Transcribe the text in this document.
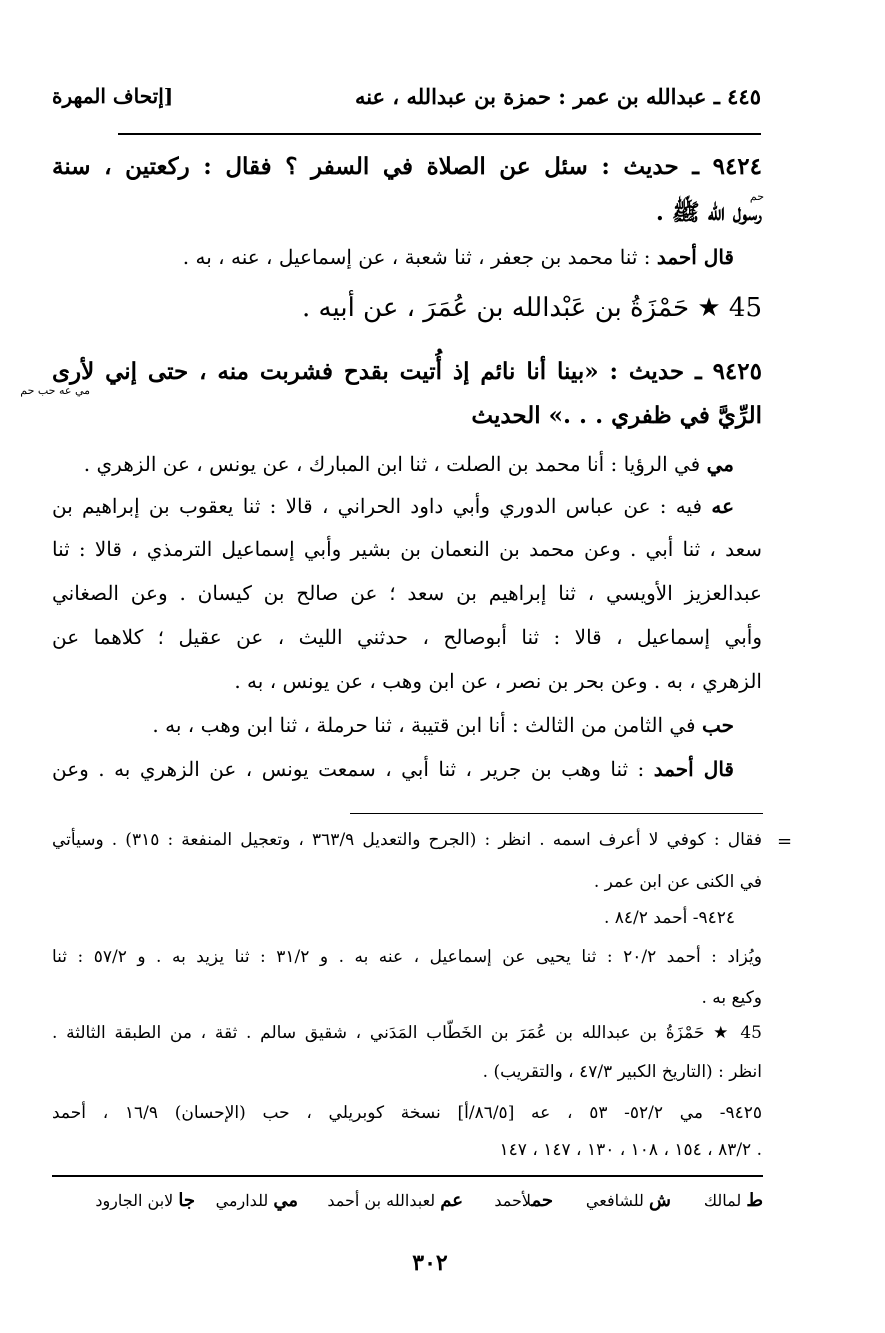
٤٤٥ ـ عبدالله بن عمر : حمزة بن عبدالله ، عنه
[إتحاف المهرة
٩٤٢٤ ـ حديث : سئل عن الصلاة في السفر ؟ فقال : ركعتين ، سنة
حم
رسول الله ﷺ .
قال أحمد : ثنا محمد بن جعفر ، ثنا شعبة ، عن إسماعيل ، عنه ، به .
45 ★ حَمْزَةُ بن عَبْدالله بن عُمَرَ ، عن أبيه .
٩٤٢٥ ـ حديث : «بينا أنا نائم إذ أُتيت بقدح فشربت منه ، حتى إني لأرى
مي عه حب حم
الرِّيَّ في ظفري . . .» الحديث
مي في الرؤيا : أنا محمد بن الصلت ، ثنا ابن المبارك ، عن يونس ، عن الزهري .
عه فيه : عن عباس الدوري وأبي داود الحراني ، قالا : ثنا يعقوب بن إبراهيم بن
سعد ، ثنا أبي . وعن محمد بن النعمان بن بشير وأبي إسماعيل الترمذي ، قالا : ثنا
عبدالعزيز الأويسي ، ثنا إبراهيم بن سعد ؛ عن صالح بن كيسان . وعن الصغاني
وأبي إسماعيل ، قالا : ثنا أبوصالح ، حدثني الليث ، عن عقيل ؛ كلاهما عن
الزهري ، به . وعن بحر بن نصر ، عن ابن وهب ، عن يونس ، به .
حب في الثامن من الثالث : أنا ابن قتيبة ، ثنا حرملة ، ثنا ابن وهب ، به .
قال أحمد : ثنا وهب بن جرير ، ثنا أبي ، سمعت يونس ، عن الزهري به . وعن
=
فقال : كوفي لا أعرف اسمه . انظر : (الجرح والتعديل ٣٦٣/٩ ، وتعجيل المنفعة : ٣١٥) . وسيأتي
في الكنى عن ابن عمر .
٩٤٢٤- أحمد ٨٤/٢ .
ويُزاد : أحمد ٢٠/٢ : ثنا يحيى عن إسماعيل ، عنه به . و ٣١/٢ : ثنا يزيد به . و ٥٧/٢ : ثنا
وكيع به .
45 ★ حَمْزَةُ بن عبدالله بن عُمَرَ بن الخَطّاب المَدَني ، شقيق سالم . ثقة ، من الطبقة الثالثة .
انظر : (التاريخ الكبير ٤٧/٣ ، والتقريب) .
٩٤٢٥- مي ٥٢/٢- ٥٣ ، عه [٨٦/٥/أ] نسخة كوبريلي ، حب (الإحسان) ١٦/٩ ، أحمد
٨٣/٢ ، ١٥٤ ، ١٠٨ ، ١٣٠ ، ١٤٧ ، ١٤٧ .
ط لمالك
ش للشافعي
حملأحمد
عم لعبدالله بن أحمد
مي للدارمي
جا لابن الجارود
٣٠٢
